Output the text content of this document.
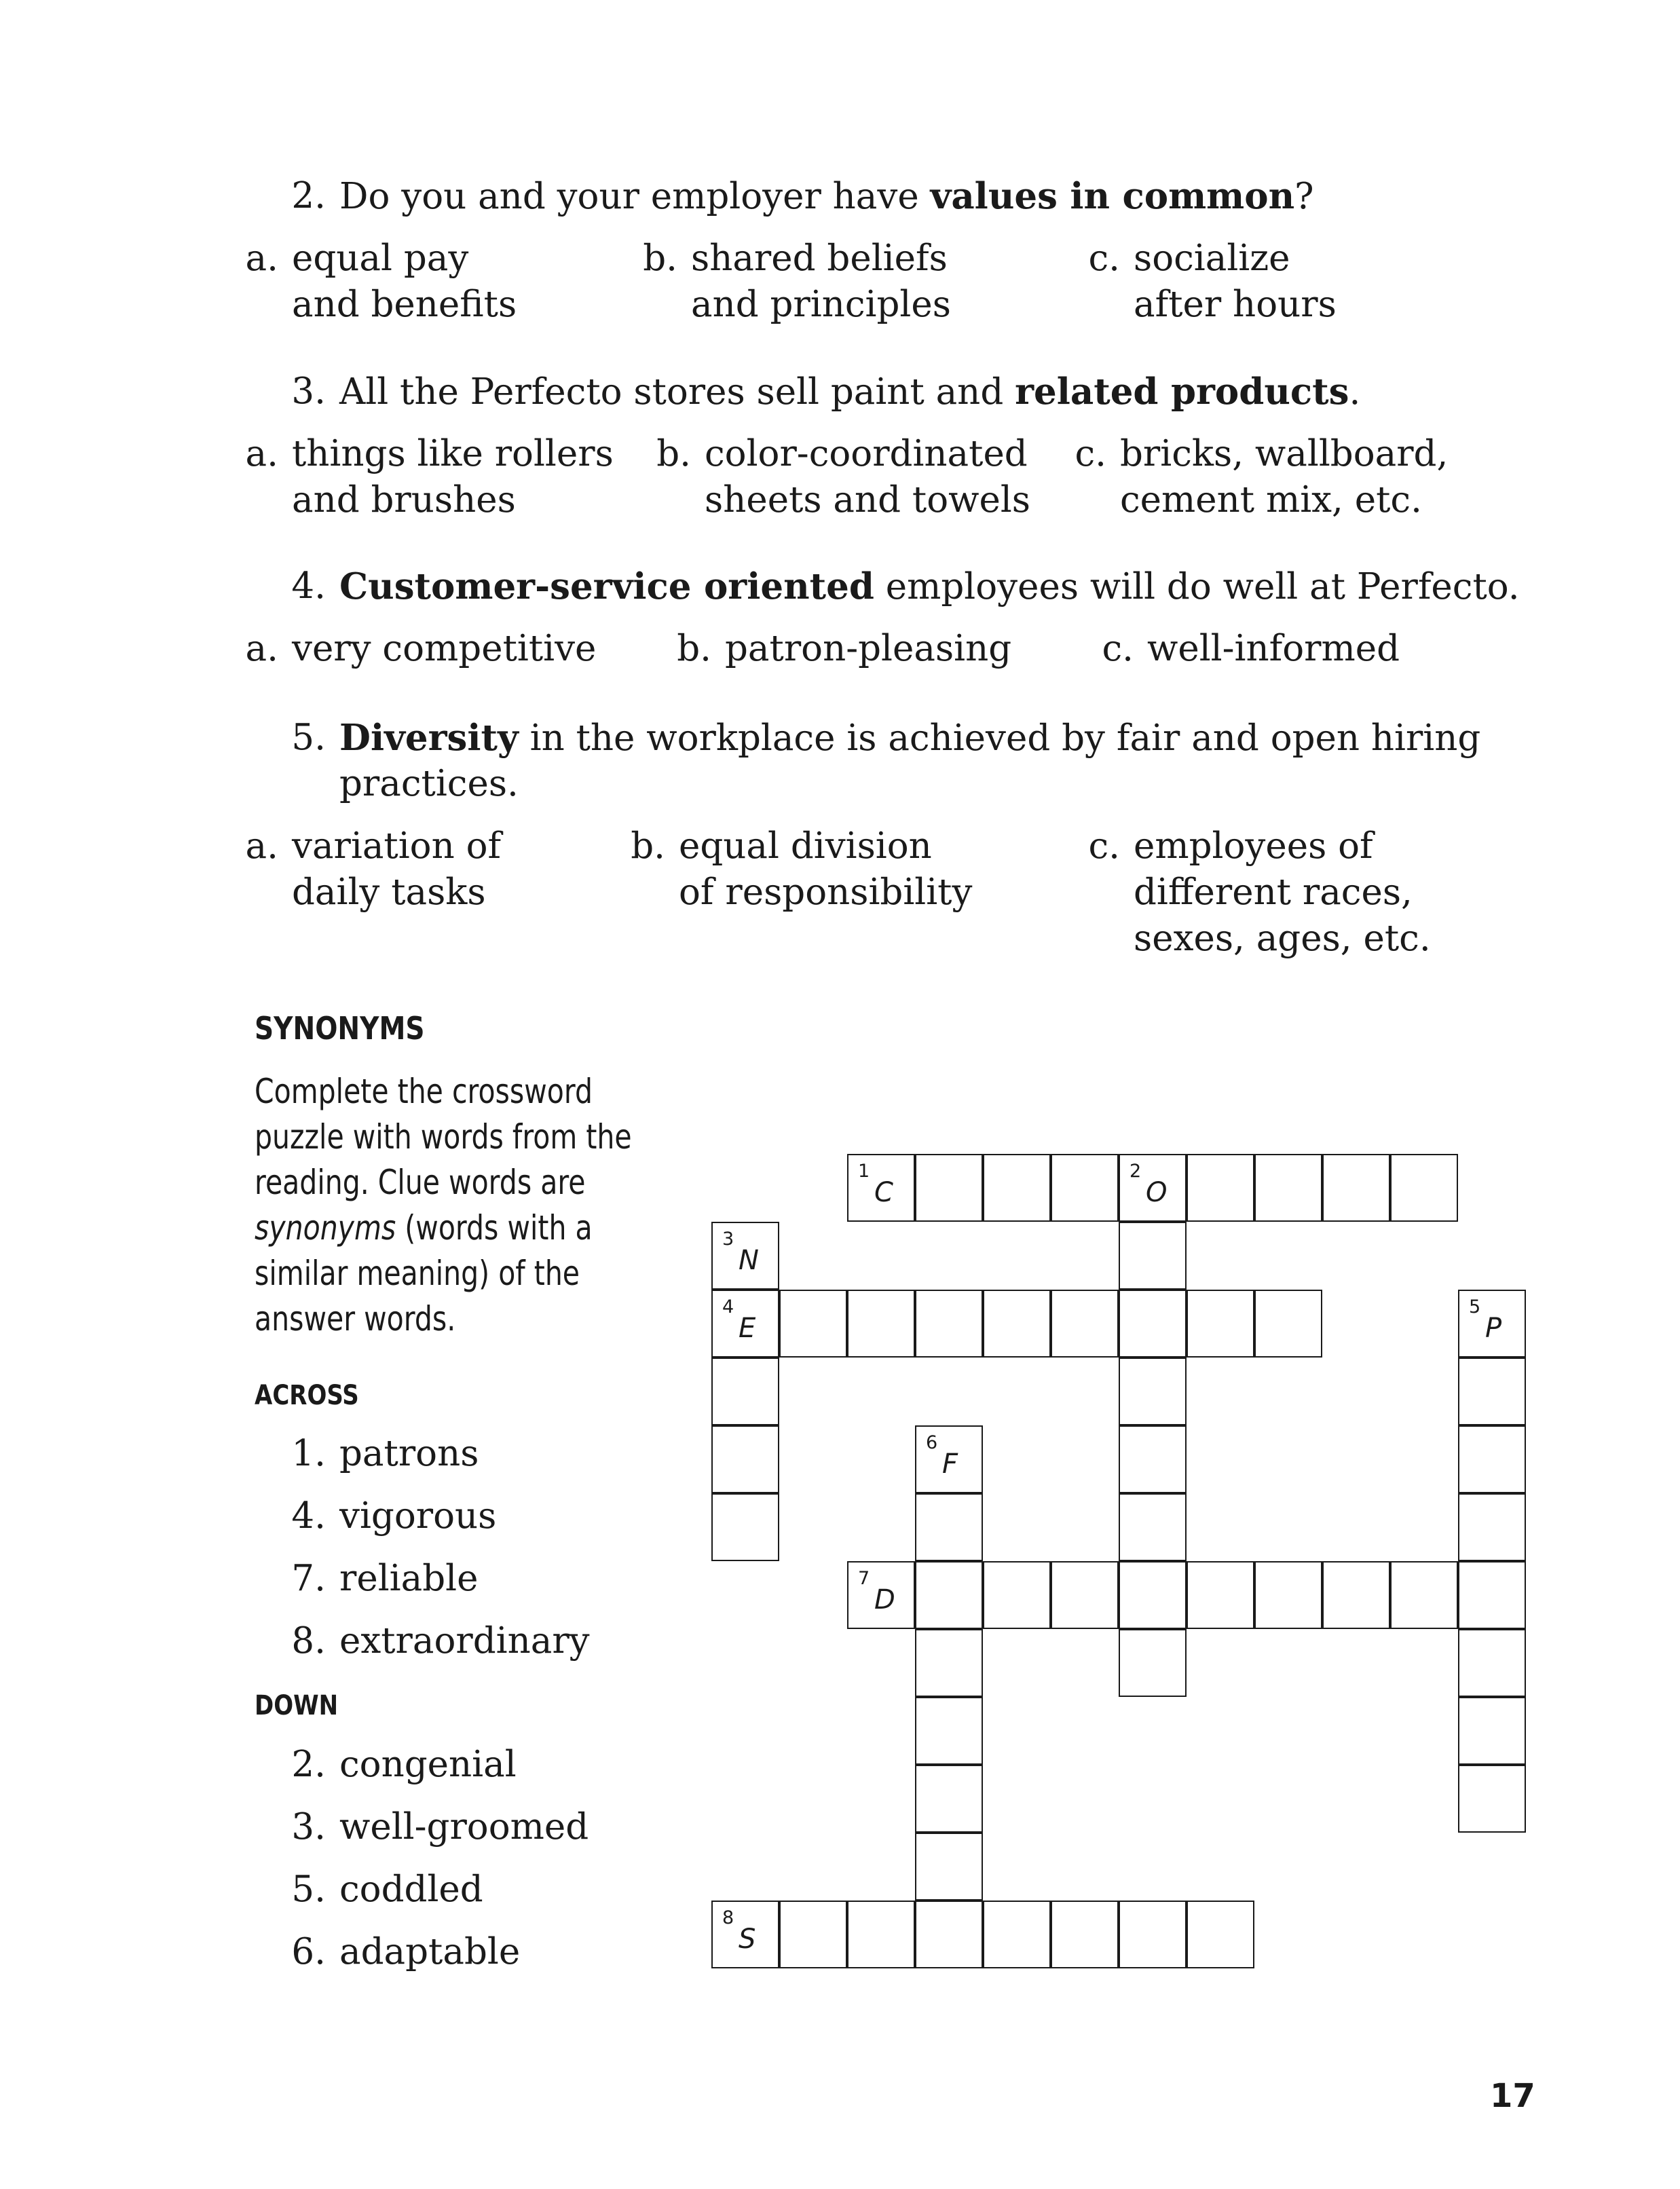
2. Do you and your employer have values in common?
a. equal pay
and benefits
b. shared beliefs
and principles
c. socialize
after hours
3. All the Perfecto stores sell paint and related products.
a. things like rollers
and brushes
b. color-coordinated
sheets and towels
c. bricks, wallboard,
cement mix, etc.
4. Customer-service oriented employees will do well at Perfecto.
a. very competitive	b. patron-pleasing	c. well-informed
5. Diversity in the workplace is achieved by fair and open hiring
practices.
a. variation of
daily tasks
b. equal division
of responsibility
c. employees of
different races,
sexes, ages, etc.
SYNONYMS
Complete the crossword
puzzle with words from the
reading. Clue words are
synonyms (words with a
similar meaning) of the
answer words.
ACROSS
1. patrons
4. vigorous
7. reliable
8. extraordinary
DOWN
2. congenial
3. well-groomed
5. coddled
6. adaptable
1
C
2
O
3
N
4
E
5
P
6
F
7
D
8
S
17
